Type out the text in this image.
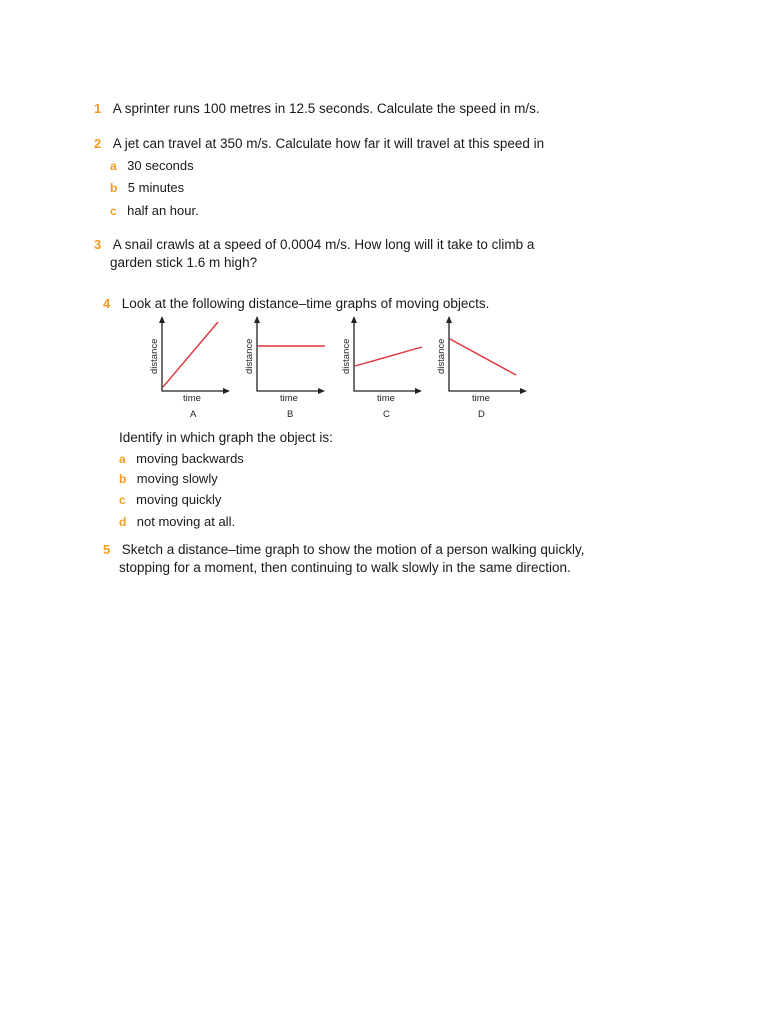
1 A sprinter runs 100 metres in 12.5 seconds. Calculate the speed in m/s.
2 A jet can travel at 350 m/s. Calculate how far it will travel at this speed in
a 30 seconds
b 5 minutes
c half an hour.
3 A snail crawls at a speed of 0.0004 m/s. How long will it take to climb a
garden stick 1.6 m high?
4 Look at the following distance–time graphs of moving objects.
distance
time
A
distance
time
B
distance
time
C
distance
time
D
Identify in which graph the object is:
a moving backwards
b moving slowly
c moving quickly
d not moving at all.
5 Sketch a distance–time graph to show the motion of a person walking quickly,
stopping for a moment, then continuing to walk slowly in the same direction.
